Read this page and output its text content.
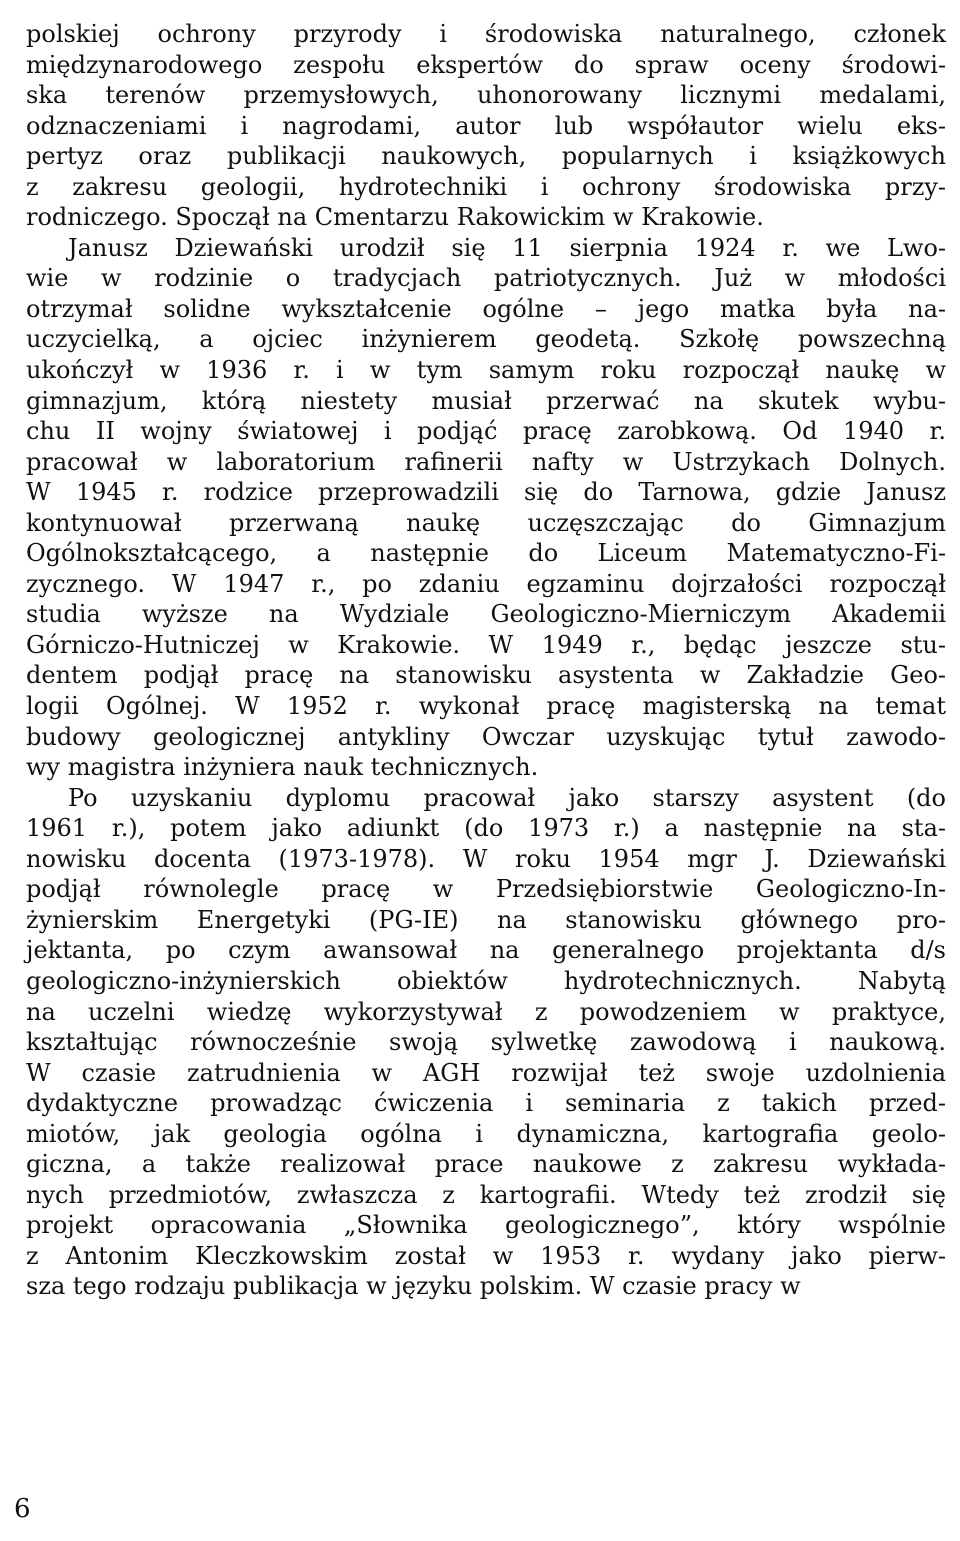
polskiej ochrony przyrody i środowiska naturalnego, członek
międzynarodowego zespołu ekspertów do spraw oceny środowi-
ska terenów przemysłowych, uhonorowany licznymi medalami,
odznaczeniami i nagrodami, autor lub współautor wielu eks-
pertyz oraz publikacji naukowych, popularnych i książkowych
z zakresu geologii, hydrotechniki i ochrony środowiska przy-
rodniczego. Spoczął na Cmentarzu Rakowickim w Krakowie.
Janusz Dziewański urodził się 11 sierpnia 1924 r. we Lwo-
wie w rodzinie o tradycjach patriotycznych. Już w młodości
otrzymał solidne wykształcenie ogólne – jego matka była na-
uczycielką, a ojciec inżynierem geodetą. Szkołę powszechną
ukończył w 1936 r. i w tym samym roku rozpoczął naukę w
gimnazjum, którą niestety musiał przerwać na skutek wybu-
chu II wojny światowej i podjąć pracę zarobkową. Od 1940 r.
pracował w laboratorium rafinerii nafty w Ustrzykach Dolnych.
W 1945 r. rodzice przeprowadzili się do Tarnowa, gdzie Janusz
kontynuował przerwaną naukę uczęszczając do Gimnazjum
Ogólnokształcącego, a następnie do Liceum Matematyczno-Fi-
zycznego. W 1947 r., po zdaniu egzaminu dojrzałości rozpoczął
studia wyższe na Wydziale Geologiczno-Mierniczym Akademii
Górniczo-Hutniczej w Krakowie. W 1949 r., będąc jeszcze stu-
dentem podjął pracę na stanowisku asystenta w Zakładzie Geo-
logii Ogólnej. W 1952 r. wykonał pracę magisterską na temat
budowy geologicznej antykliny Owczar uzyskując tytuł zawodo-
wy magistra inżyniera nauk technicznych.
Po uzyskaniu dyplomu pracował jako starszy asystent (do
1961 r.), potem jako adiunkt (do 1973 r.) a następnie na sta-
nowisku docenta (1973-1978). W roku 1954 mgr J. Dziewański
podjął równolegle pracę w Przedsiębiorstwie Geologiczno-In-
żynierskim Energetyki (PG-IE) na stanowisku głównego pro-
jektanta, po czym awansował na generalnego projektanta d/s
geologiczno-inżynierskich obiektów hydrotechnicznych. Nabytą
na uczelni wiedzę wykorzystywał z powodzeniem w praktyce,
kształtując równocześnie swoją sylwetkę zawodową i naukową.
W czasie zatrudnienia w AGH rozwijał też swoje uzdolnienia
dydaktyczne prowadząc ćwiczenia i seminaria z takich przed-
miotów, jak geologia ogólna i dynamiczna, kartografia geolo-
giczna, a także realizował prace naukowe z zakresu wykłada-
nych przedmiotów, zwłaszcza z kartografii. Wtedy też zrodził się
projekt opracowania „Słownika geologicznego”, który wspólnie
z Antonim Kleczkowskim został w 1953 r. wydany jako pierw-
sza tego rodzaju publikacja w języku polskim. W czasie pracy w
6
